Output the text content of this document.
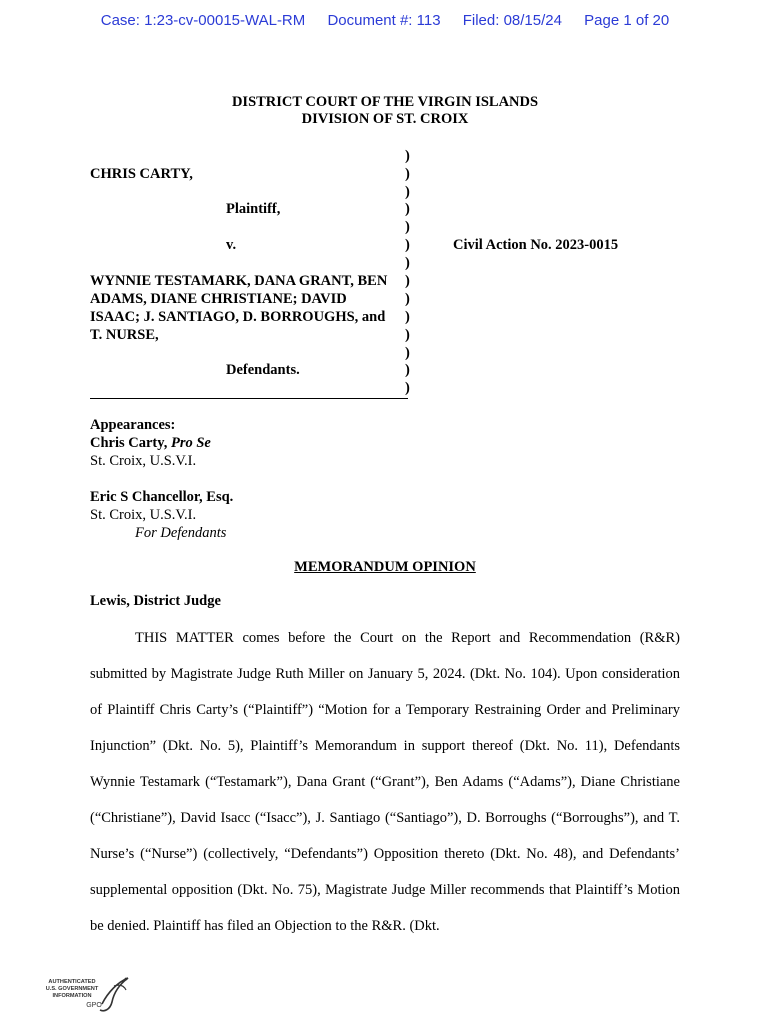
Case: 1:23-cv-00015-WAL-RM Document #: 113 Filed: 08/15/24 Page 1 of 20
DISTRICT COURT OF THE VIRGIN ISLANDS
DIVISION OF ST. CROIX
CHRIS CARTY,
Plaintiff,
v.	Civil Action No. 2023-0015
WYNNIE TESTAMARK, DANA GRANT, BEN
ADAMS, DIANE CHRISTIANE; DAVID
ISAAC; J. SANTIAGO, D. BORROUGHS, and
T. NURSE,
Defendants.
)
)
)
)
)
)
)
)
)
)
)
)
)
)
Appearances:
Chris Carty, Pro Se
St. Croix, U.S.V.I.
Eric S Chancellor, Esq.
St. Croix, U.S.V.I.
For Defendants
MEMORANDUM OPINION
Lewis, District Judge

THIS MATTER comes before the Court on the Report and Recommendation (R&R) submitted by Magistrate Judge Ruth Miller on January 5, 2024. (Dkt. No. 104). Upon consideration of Plaintiff Chris Carty’s (“Plaintiff”) “Motion for a Temporary Restraining Order and Preliminary Injunction” (Dkt. No. 5), Plaintiff’s Memorandum in support thereof (Dkt. No. 11), Defendants Wynnie Testamark (“Testamark”), Dana Grant (“Grant”), Ben Adams (“Adams”), Diane Christiane (“Christiane”), David Isacc (“Isacc”), J. Santiago (“Santiago”), D. Borroughs (“Borroughs”), and T. Nurse’s (“Nurse”) (collectively, “Defendants”) Opposition thereto (Dkt. No. 48), and Defendants’ supplemental opposition (Dkt. No. 75), Magistrate Judge Miller recommends that Plaintiff’s Motion be denied. Plaintiff has filed an Objection to the R&R. (Dkt.

AUTHENTICATED
U.S. GOVERNMENT
INFORMATION
GPO
